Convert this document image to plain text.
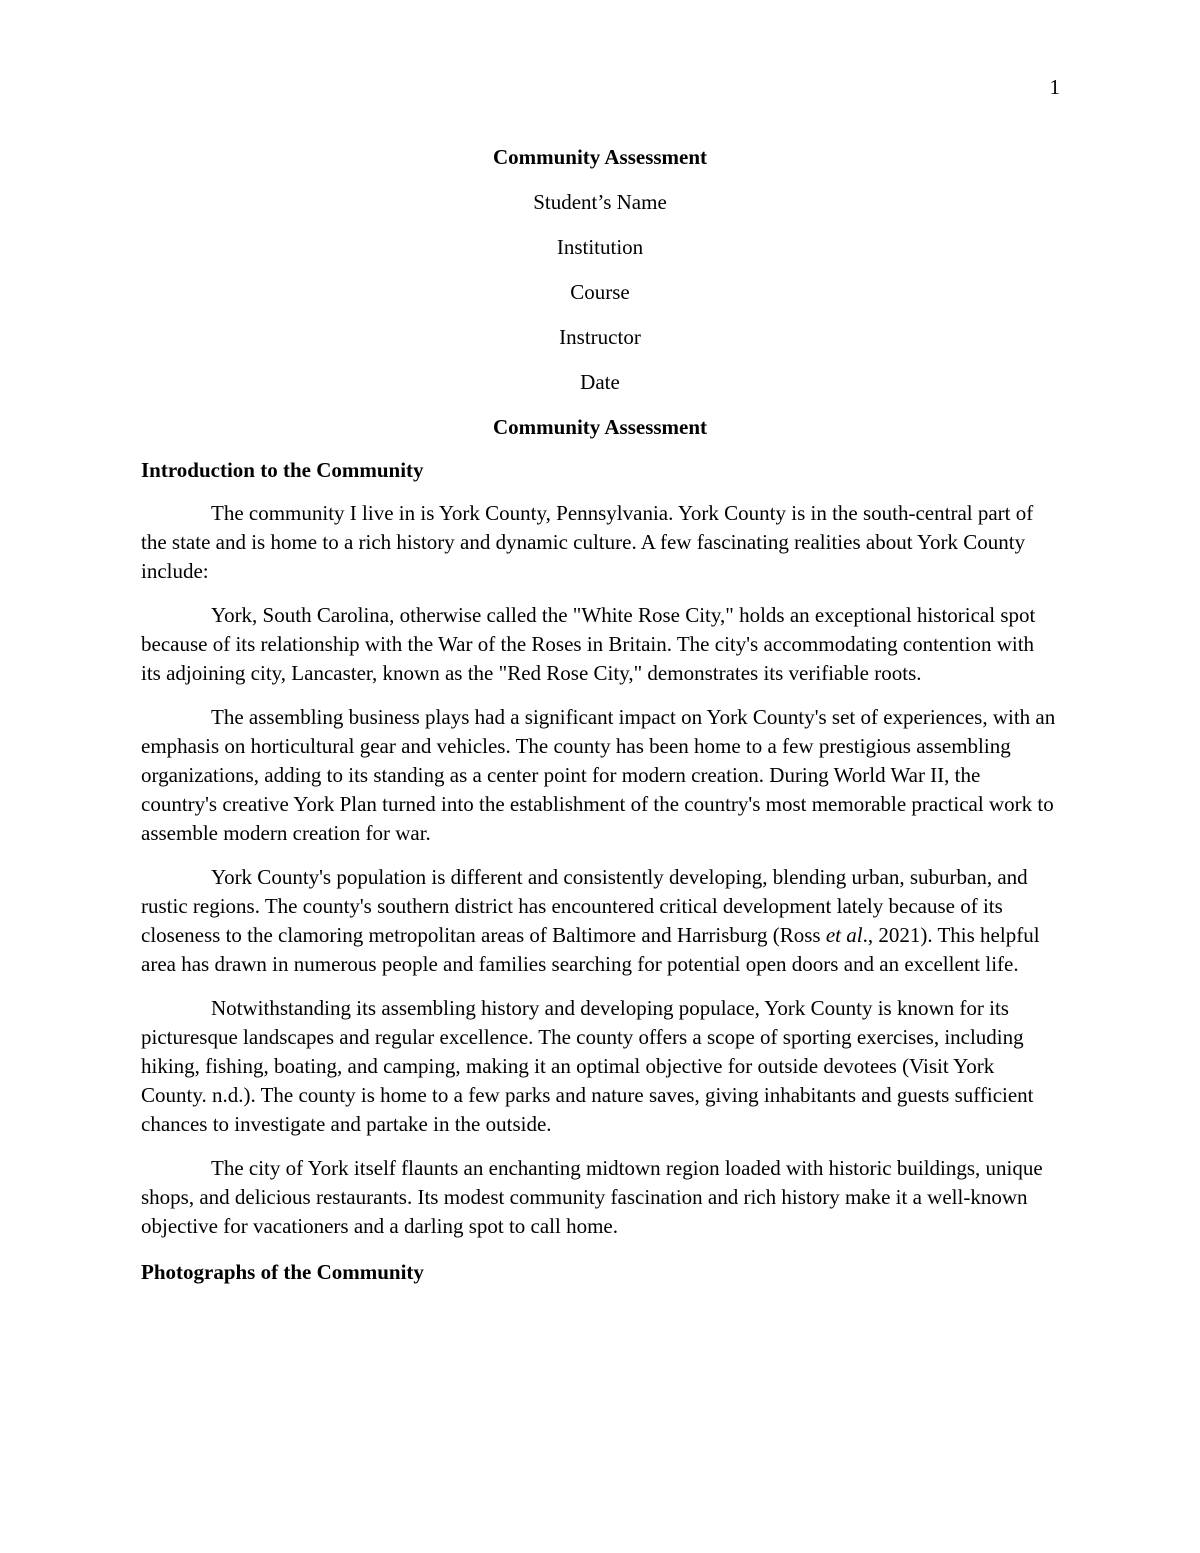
1
Community Assessment
Student’s Name
Institution
Course
Instructor
Date
Community Assessment
Introduction to the Community

The community I live in is York County, Pennsylvania. York County is in the south-central part of the state and is home to a rich history and dynamic culture. A few fascinating realities about York County include:

York, South Carolina, otherwise called the "White Rose City," holds an exceptional historical spot because of its relationship with the War of the Roses in Britain. The city's accommodating contention with its adjoining city, Lancaster, known as the "Red Rose City," demonstrates its verifiable roots.

The assembling business plays had a significant impact on York County's set of experiences, with an emphasis on horticultural gear and vehicles. The county has been home to a few prestigious assembling organizations, adding to its standing as a center point for modern creation. During World War II, the country's creative York Plan turned into the establishment of the country's most memorable practical work to assemble modern creation for war.

York County's population is different and consistently developing, blending urban, suburban, and rustic regions. The county's southern district has encountered critical development lately because of its closeness to the clamoring metropolitan areas of Baltimore and Harrisburg (Ross et al., 2021). This helpful area has drawn in numerous people and families searching for potential open doors and an excellent life.

Notwithstanding its assembling history and developing populace, York County is known for its picturesque landscapes and regular excellence. The county offers a scope of sporting exercises, including hiking, fishing, boating, and camping, making it an optimal objective for outside devotees (Visit York County. n.d.). The county is home to a few parks and nature saves, giving inhabitants and guests sufficient chances to investigate and partake in the outside.

The city of York itself flaunts an enchanting midtown region loaded with historic buildings, unique shops, and delicious restaurants. Its modest community fascination and rich history make it a well-known objective for vacationers and a darling spot to call home.

Photographs of the Community
